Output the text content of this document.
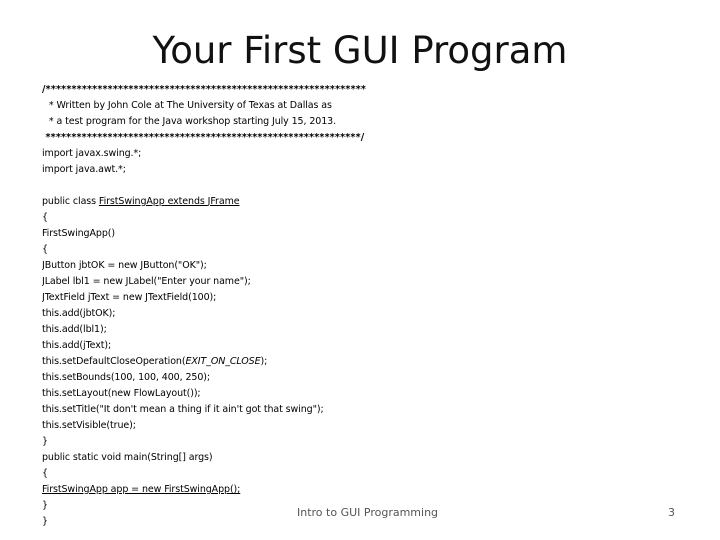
Your First GUI Program
/**************************************************************
* Written by John Cole at The University of Texas at Dallas as
* a test program for the Java workshop starting July 15, 2013.
*************************************************************/
import javax.swing.*;
import java.awt.*;
public class FirstSwingApp extends JFrame
{
FirstSwingApp()
{
JButton jbtOK = new JButton("OK");
JLabel lbl1 = new JLabel("Enter your name");
JTextField jText = new JTextField(100);
this.add(jbtOK);
this.add(lbl1);
this.add(jText);
this.setDefaultCloseOperation(EXIT_ON_CLOSE);
this.setBounds(100, 100, 400, 250);
this.setLayout(new FlowLayout());
this.setTitle("It don't mean a thing if it ain't got that swing");
this.setVisible(true);
}
public static void main(String[] args)
{
FirstSwingApp app = new FirstSwingApp();
}
}
Intro to GUI Programming	3
